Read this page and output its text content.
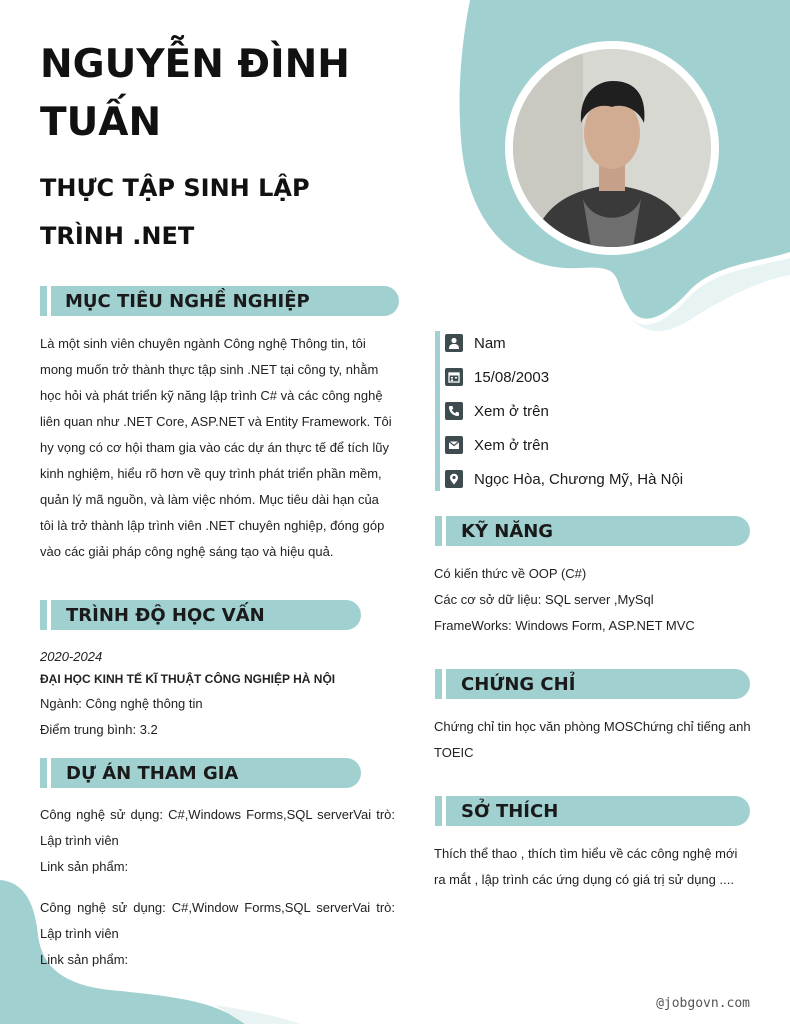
NGUYỄN ĐÌNH TUẤN
THỰC TẬP SINH LẬP TRÌNH .NET
MỤC TIÊU NGHỀ NGHIỆP

Là một sinh viên chuyên ngành Công nghệ Thông tin, tôi mong muốn trở thành thực tập sinh .NET tại công ty, nhằm học hỏi và phát triển kỹ năng lập trình C# và các công nghệ liên quan như .NET Core, ASP.NET và Entity Framework. Tôi hy vọng có cơ hội tham gia vào các dự án thực tế để tích lũy kinh nghiệm, hiểu rõ hơn về quy trình phát triển phần mềm, quản lý mã nguồn, và làm việc nhóm. Mục tiêu dài hạn của tôi là trở thành lập trình viên .NET chuyên nghiệp, đóng góp vào các giải pháp công nghệ sáng tạo và hiệu quả.

TRÌNH ĐỘ HỌC VẤN
2020-2024
ĐẠI HỌC KINH TẾ KĨ THUẬT CÔNG NGHIỆP HÀ NỘI
Ngành: Công nghệ thông tin
Điểm trung bình: 3.2
DỰ ÁN THAM GIA

Công nghệ sử dụng: C#,Windows Forms,SQL serverVai trò: Lập trình viên

Link sản phẩm:

Công nghệ sử dụng: C#,Window Forms,SQL serverVai trò: Lập trình viên

Link sản phẩm:
Nam
15/08/2003
Xem ở trên
Xem ở trên
Ngọc Hòa, Chương Mỹ, Hà Nội
KỸ NĂNG
Có kiến thức về OOP (C#)
Các cơ sở dữ liệu: SQL server ,MySql
FrameWorks: Windows Form, ASP.NET MVC
CHỨNG CHỈ

Chứng chỉ tin học văn phòng MOSChứng chỉ tiếng anh TOEIC

SỞ THÍCH

Thích thể thao , thích tìm hiểu về các công nghệ mới ra mắt , lập trình các ứng dụng có giá trị sử dụng ....

@jobgovn.com
